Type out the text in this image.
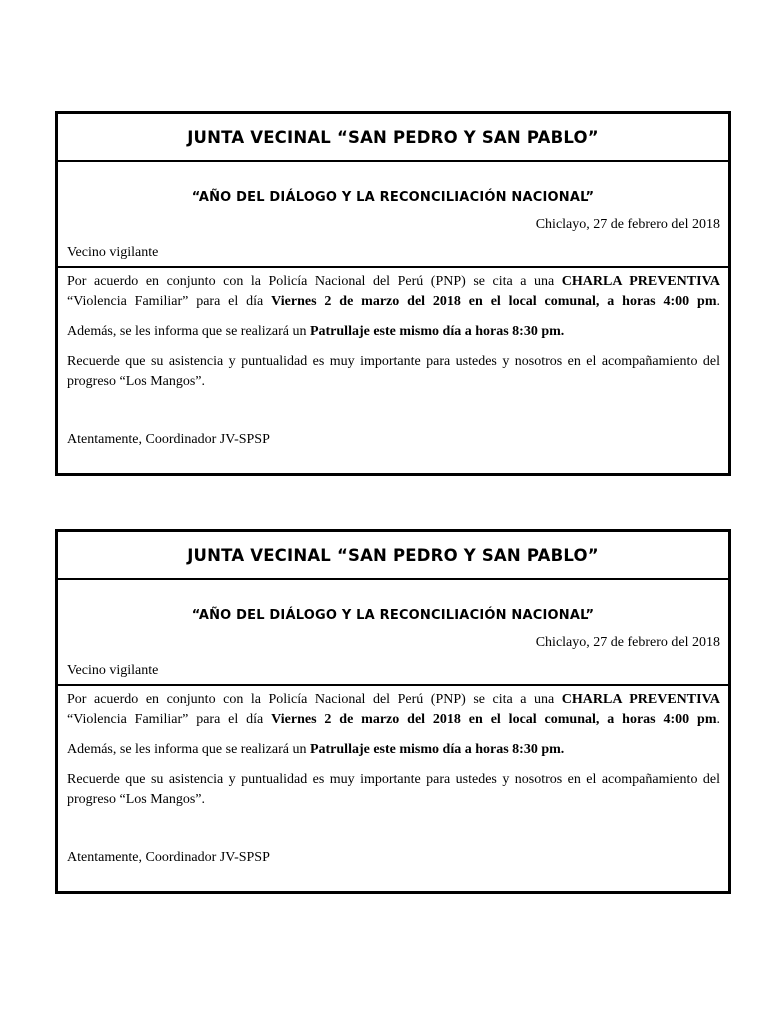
JUNTA VECINAL “SAN PEDRO Y SAN PABLO”
“AÑO DEL DIÁLOGO Y LA RECONCILIACIÓN NACIONAL”
Chiclayo, 27 de febrero del 2018
Vecino vigilante

Por acuerdo en conjunto con la Policía Nacional del Perú (PNP) se cita a una CHARLA PREVENTIVA
“Violencia Familiar” para el día Viernes 2 de marzo del 2018 en el local comunal, a horas 4:00 pm.

Además, se les informa que se realizará un Patrullaje este mismo día a horas 8:30 pm.

Recuerde que su asistencia y puntualidad es muy importante para ustedes y nosotros en el acompañamiento del progreso “Los Mangos”.

Atentamente, Coordinador JV-SPSP

JUNTA VECINAL “SAN PEDRO Y SAN PABLO”
“AÑO DEL DIÁLOGO Y LA RECONCILIACIÓN NACIONAL”
Chiclayo, 27 de febrero del 2018
Vecino vigilante

Por acuerdo en conjunto con la Policía Nacional del Perú (PNP) se cita a una CHARLA PREVENTIVA
“Violencia Familiar” para el día Viernes 2 de marzo del 2018 en el local comunal, a horas 4:00 pm.

Además, se les informa que se realizará un Patrullaje este mismo día a horas 8:30 pm.

Recuerde que su asistencia y puntualidad es muy importante para ustedes y nosotros en el acompañamiento del progreso “Los Mangos”.

Atentamente, Coordinador JV-SPSP
